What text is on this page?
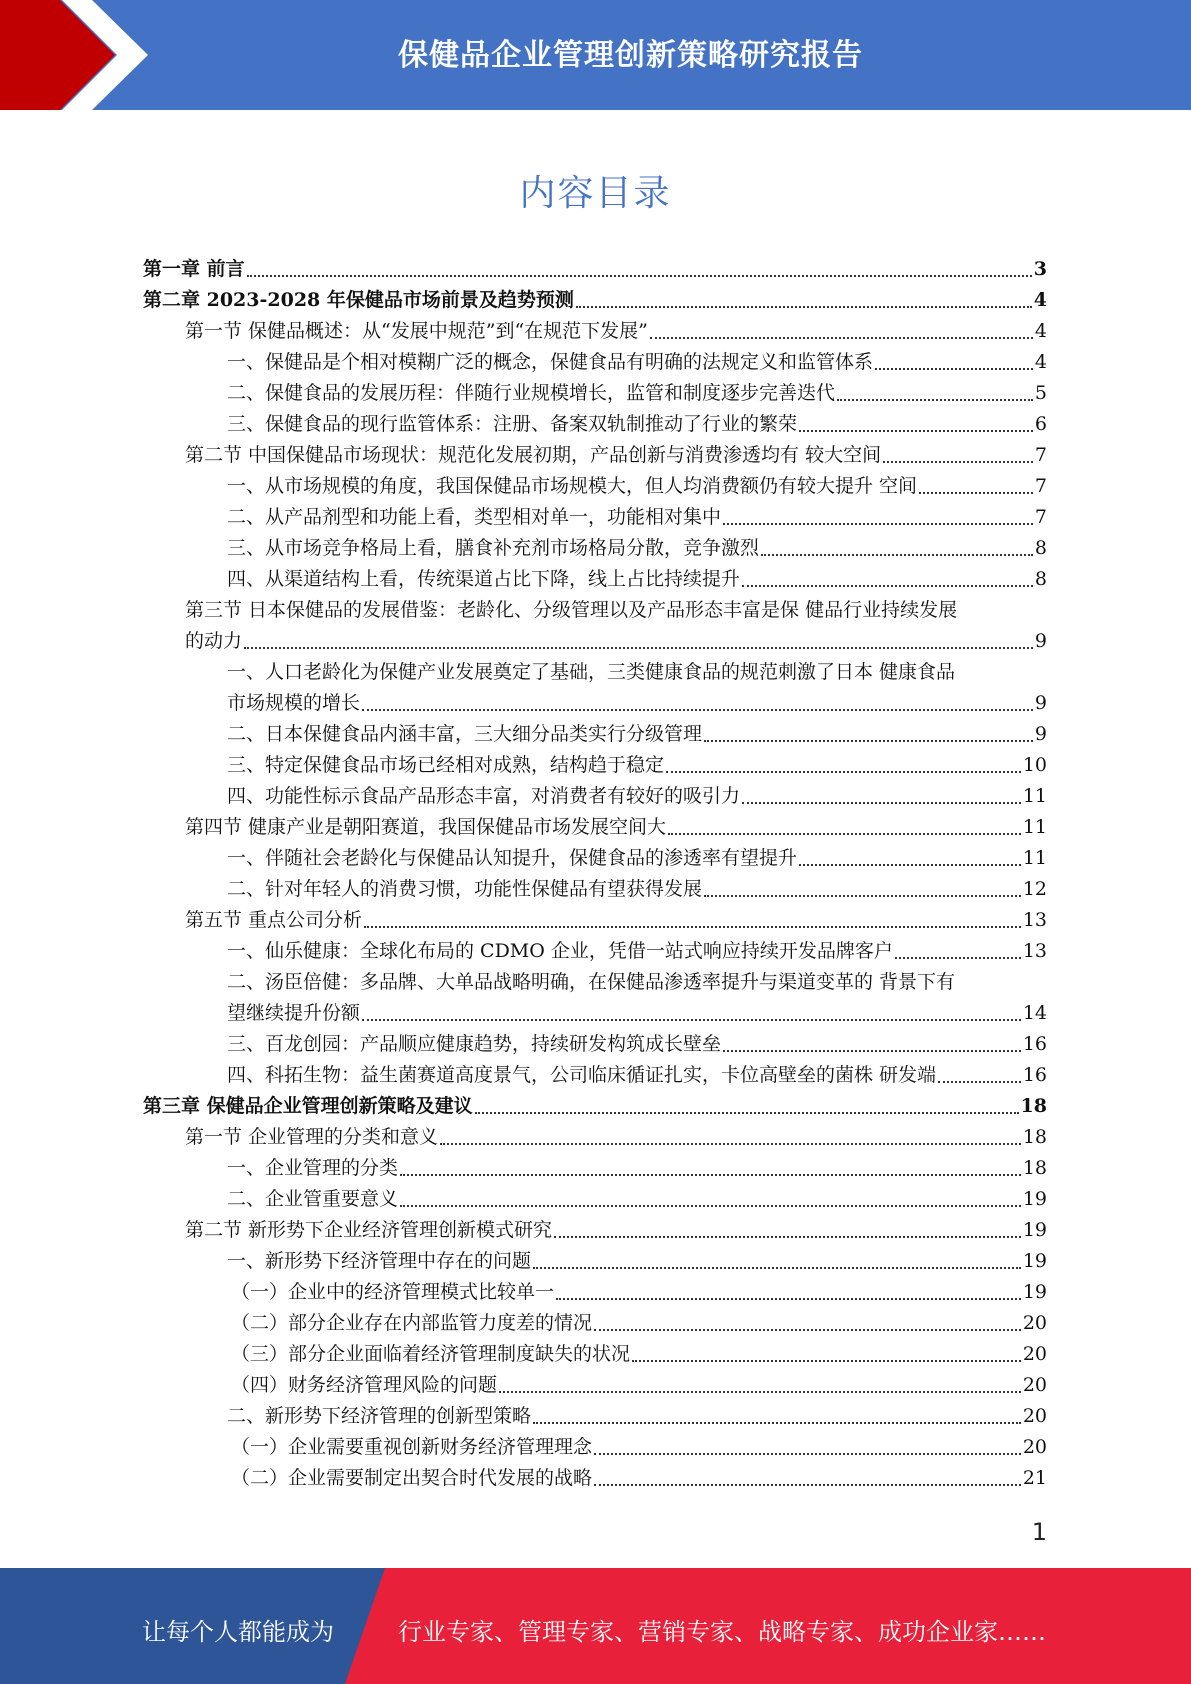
保健品企业管理创新策略研究报告
内容目录
第一章 前言	3
第二章 2023-2028 年保健品市场前景及趋势预测	4
第一节 保健品概述：从“发展中规范”到“在规范下发展”	4
一、保健品是个相对模糊广泛的概念，保健食品有明确的法规定义和监管体系	4
二、保健食品的发展历程：伴随行业规模增长，监管和制度逐步完善迭代	5
三、保健食品的现行监管体系：注册、备案双轨制推动了行业的繁荣	6
第二节 中国保健品市场现状：规范化发展初期，产品创新与消费渗透均有 较大空间	7
一、从市场规模的角度，我国保健品市场规模大，但人均消费额仍有较大提升 空间	7
二、从产品剂型和功能上看，类型相对单一，功能相对集中	7
三、从市场竞争格局上看，膳食补充剂市场格局分散，竞争激烈	8
四、从渠道结构上看，传统渠道占比下降，线上占比持续提升	8
第三节 日本保健品的发展借鉴：老龄化、分级管理以及产品形态丰富是保 健品行业持续发展
的动力	9
一、人口老龄化为保健产业发展奠定了基础，三类健康食品的规范刺激了日本 健康食品
市场规模的增长	9
二、日本保健食品内涵丰富，三大细分品类实行分级管理	9
三、特定保健食品市场已经相对成熟，结构趋于稳定	10
四、功能性标示食品产品形态丰富，对消费者有较好的吸引力	11
第四节 健康产业是朝阳赛道，我国保健品市场发展空间大	11
一、伴随社会老龄化与保健品认知提升，保健食品的渗透率有望提升	11
二、针对年轻人的消费习惯，功能性保健品有望获得发展	12
第五节 重点公司分析	13
一、仙乐健康：全球化布局的 CDMO 企业，凭借一站式响应持续开发品牌客户	13
二、汤臣倍健：多品牌、大单品战略明确，在保健品渗透率提升与渠道变革的 背景下有
望继续提升份额	14
三、百龙创园：产品顺应健康趋势，持续研发构筑成长壁垒	16
四、科拓生物：益生菌赛道高度景气，公司临床循证扎实，卡位高壁垒的菌株 研发端	16
第三章 保健品企业管理创新策略及建议	18
第一节 企业管理的分类和意义	18
一、企业管理的分类	18
二、企业管重要意义	19
第二节 新形势下企业经济管理创新模式研究	19
一、新形势下经济管理中存在的问题	19
（一）企业中的经济管理模式比较单一	19
（二）部分企业存在内部监管力度差的情况	20
（三）部分企业面临着经济管理制度缺失的状况	20
（四）财务经济管理风险的问题	20
二、新形势下经济管理的创新型策略	20
（一）企业需要重视创新财务经济管理理念	20
（二）企业需要制定出契合时代发展的战略	21
1
让每个人都能成为	行业专家、管理专家、营销专家、战略专家、成功企业家……
